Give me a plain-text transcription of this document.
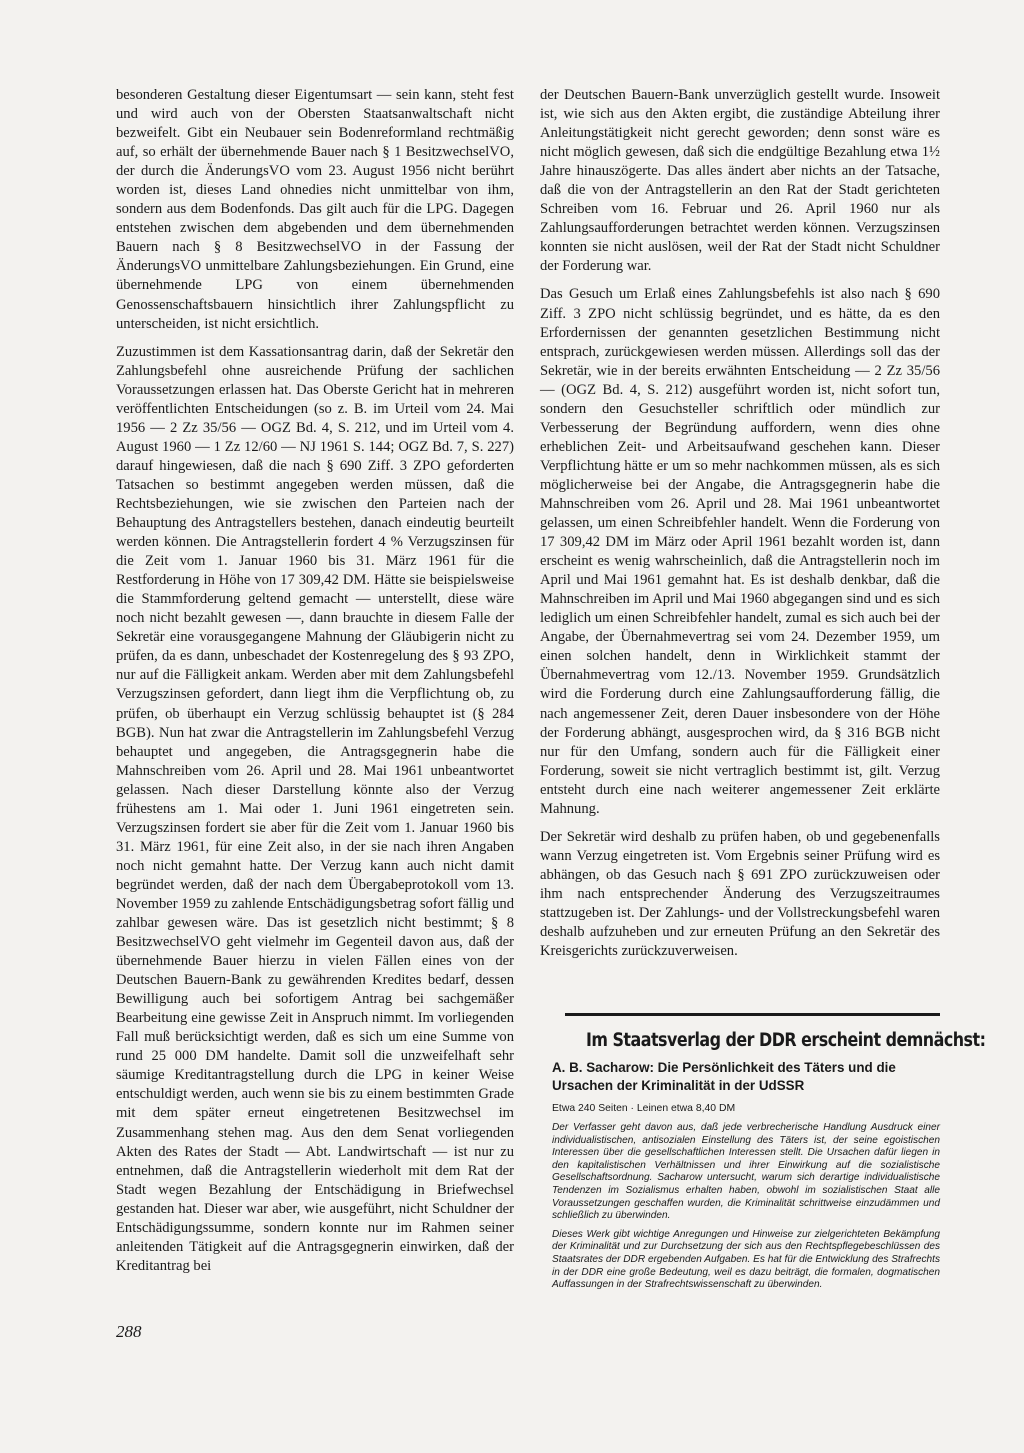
besonderen Gestaltung dieser Eigentumsart — sein kann, steht fest und wird auch von der Obersten Staatsanwaltschaft nicht bezweifelt. Gibt ein Neubauer sein Bodenreformland rechtmäßig auf, so erhält der übernehmende Bauer nach § 1 BesitzwechselVO, der durch die ÄnderungsVO vom 23. August 1956 nicht berührt worden ist, dieses Land ohnedies nicht unmittelbar von ihm, sondern aus dem Bodenfonds. Das gilt auch für die LPG. Dagegen entstehen zwischen dem abgebenden und dem übernehmenden Bauern nach § 8 BesitzwechselVO in der Fassung der ÄnderungsVO unmittelbare Zahlungsbeziehungen. Ein Grund, eine übernehmende LPG von einem übernehmenden Genossenschaftsbauern hinsichtlich ihrer Zahlungspflicht zu unterscheiden, ist nicht ersichtlich.

Zuzustimmen ist dem Kassationsantrag darin, daß der Sekretär den Zahlungsbefehl ohne ausreichende Prüfung der sachlichen Voraussetzungen erlassen hat. Das Oberste Gericht hat in mehreren veröffentlichten Entscheidungen (so z. B. im Urteil vom 24. Mai 1956 — 2 Zz 35/56 — OGZ Bd. 4, S. 212, und im Urteil vom 4. August 1960 — 1 Zz 12/60 — NJ 1961 S. 144; OGZ Bd. 7, S. 227) darauf hingewiesen, daß die nach § 690 Ziff. 3 ZPO geforderten Tatsachen so bestimmt angegeben werden müssen, daß die Rechtsbeziehungen, wie sie zwischen den Parteien nach der Behauptung des Antragstellers bestehen, danach eindeutig beurteilt werden können. Die Antragstellerin fordert 4 % Verzugszinsen für die Zeit vom 1. Januar 1960 bis 31. März 1961 für die Restforderung in Höhe von 17 309,42 DM. Hätte sie beispielsweise die Stammforderung geltend gemacht — unterstellt, diese wäre noch nicht bezahlt gewesen —, dann brauchte in diesem Falle der Sekretär eine vorausgegangene Mahnung der Gläubigerin nicht zu prüfen, da es dann, unbeschadet der Kostenregelung des § 93 ZPO, nur auf die Fälligkeit ankam. Werden aber mit dem Zahlungsbefehl Verzugszinsen gefordert, dann liegt ihm die Verpflichtung ob, zu prüfen, ob überhaupt ein Verzug schlüssig behauptet ist (§ 284 BGB). Nun hat zwar die Antragstellerin im Zahlungsbefehl Verzug behauptet und angegeben, die Antragsgegnerin habe die Mahnschreiben vom 26. April und 28. Mai 1961 unbeantwortet gelassen. Nach dieser Darstellung könnte also der Verzug frühestens am 1. Mai oder 1. Juni 1961 eingetreten sein. Verzugszinsen fordert sie aber für die Zeit vom 1. Januar 1960 bis 31. März 1961, für eine Zeit also, in der sie nach ihren Angaben noch nicht gemahnt hatte. Der Verzug kann auch nicht damit begründet werden, daß der nach dem Übergabeprotokoll vom 13. November 1959 zu zahlende Entschädigungsbetrag sofort fällig und zahlbar gewesen wäre. Das ist gesetzlich nicht bestimmt; § 8 BesitzwechselVO geht vielmehr im Gegenteil davon aus, daß der übernehmende Bauer hierzu in vielen Fällen eines von der Deutschen Bauern-Bank zu gewährenden Kredites bedarf, dessen Bewilligung auch bei sofortigem Antrag bei sachgemäßer Bearbeitung eine gewisse Zeit in Anspruch nimmt. Im vorliegenden Fall muß berücksichtigt werden, daß es sich um eine Summe von rund 25 000 DM handelte. Damit soll die unzweifelhaft sehr säumige Kreditantragstellung durch die LPG in keiner Weise entschuldigt werden, auch wenn sie bis zu einem bestimmten Grade mit dem später erneut eingetretenen Besitzwechsel im Zusammenhang stehen mag. Aus den dem Senat vorliegenden Akten des Rates der Stadt — Abt. Landwirtschaft — ist nur zu entnehmen, daß die Antragstellerin wiederholt mit dem Rat der Stadt wegen Bezahlung der Entschädigung in Briefwechsel gestanden hat. Dieser war aber, wie ausgeführt, nicht Schuldner der Entschädigungssumme, sondern konnte nur im Rahmen seiner anleitenden Tätigkeit auf die Antragsgegnerin einwirken, daß der Kreditantrag bei

der Deutschen Bauern-Bank unverzüglich gestellt wurde. Insoweit ist, wie sich aus den Akten ergibt, die zuständige Abteilung ihrer Anleitungstätigkeit nicht gerecht geworden; denn sonst wäre es nicht möglich gewesen, daß sich die endgültige Bezahlung etwa 1½ Jahre hinauszögerte. Das alles ändert aber nichts an der Tatsache, daß die von der Antragstellerin an den Rat der Stadt gerichteten Schreiben vom 16. Februar und 26. April 1960 nur als Zahlungsaufforderungen betrachtet werden können. Verzugszinsen konnten sie nicht auslösen, weil der Rat der Stadt nicht Schuldner der Forderung war.

Das Gesuch um Erlaß eines Zahlungsbefehls ist also nach § 690 Ziff. 3 ZPO nicht schlüssig begründet, und es hätte, da es den Erfordernissen der genannten gesetzlichen Bestimmung nicht entsprach, zurückgewiesen werden müssen. Allerdings soll das der Sekretär, wie in der bereits erwähnten Entscheidung — 2 Zz 35/56 — (OGZ Bd. 4, S. 212) ausgeführt worden ist, nicht sofort tun, sondern den Gesuchsteller schriftlich oder mündlich zur Verbesserung der Begründung auffordern, wenn dies ohne erheblichen Zeit- und Arbeitsaufwand geschehen kann. Dieser Verpflichtung hätte er um so mehr nachkommen müssen, als es sich möglicherweise bei der Angabe, die Antragsgegnerin habe die Mahnschreiben vom 26. April und 28. Mai 1961 unbeantwortet gelassen, um einen Schreibfehler handelt. Wenn die Forderung von 17 309,42 DM im März oder April 1961 bezahlt worden ist, dann erscheint es wenig wahrscheinlich, daß die Antragstellerin noch im April und Mai 1961 gemahnt hat. Es ist deshalb denkbar, daß die Mahnschreiben im April und Mai 1960 abgegangen sind und es sich lediglich um einen Schreibfehler handelt, zumal es sich auch bei der Angabe, der Übernahmevertrag sei vom 24. Dezember 1959, um einen solchen handelt, denn in Wirklichkeit stammt der Übernahmevertrag vom 12./13. November 1959. Grundsätzlich wird die Forderung durch eine Zahlungsaufforderung fällig, die nach angemessener Zeit, deren Dauer insbesondere von der Höhe der Forderung abhängt, ausgesprochen wird, da § 316 BGB nicht nur für den Umfang, sondern auch für die Fälligkeit einer Forderung, soweit sie nicht vertraglich bestimmt ist, gilt. Verzug entsteht durch eine nach weiterer angemessener Zeit erklärte Mahnung.

Der Sekretär wird deshalb zu prüfen haben, ob und gegebenenfalls wann Verzug eingetreten ist. Vom Ergebnis seiner Prüfung wird es abhängen, ob das Gesuch nach § 691 ZPO zurückzuweisen oder ihm nach entsprechender Änderung des Verzugszeitraumes stattzugeben ist. Der Zahlungs- und der Vollstreckungsbefehl waren deshalb aufzuheben und zur erneuten Prüfung an den Sekretär des Kreisgerichts zurückzuverweisen.

Im Staatsverlag der DDR erscheint demnächst:
A. B. Sacharow: Die Persönlichkeit des Täters und die Ursachen der Kriminalität in der UdSSR
Etwa 240 Seiten · Leinen etwa 8,40 DM

Der Verfasser geht davon aus, daß jede verbrecherische Handlung Ausdruck einer individualistischen, antisozialen Einstellung des Täters ist, der seine egoistischen Interessen über die gesellschaftlichen Interessen stellt. Die Ursachen dafür liegen in den kapitalistischen Verhältnissen und ihrer Einwirkung auf die sozialistische Gesellschaftsordnung. Sacharow untersucht, warum sich derartige individualistische Tendenzen im Sozialismus erhalten haben, obwohl im sozialistischen Staat alle Voraussetzungen geschaffen wurden, die Kriminalität schrittweise einzudämmen und schließlich zu überwinden.

Dieses Werk gibt wichtige Anregungen und Hinweise zur zielgerichteten Bekämpfung der Kriminalität und zur Durchsetzung der sich aus den Rechtspflegebeschlüssen des Staatsrates der DDR ergebenden Aufgaben. Es hat für die Entwicklung des Strafrechts in der DDR eine große Bedeutung, weil es dazu beiträgt, die formalen, dogmatischen Auffassungen in der Strafrechtswissenschaft zu überwinden.

288
